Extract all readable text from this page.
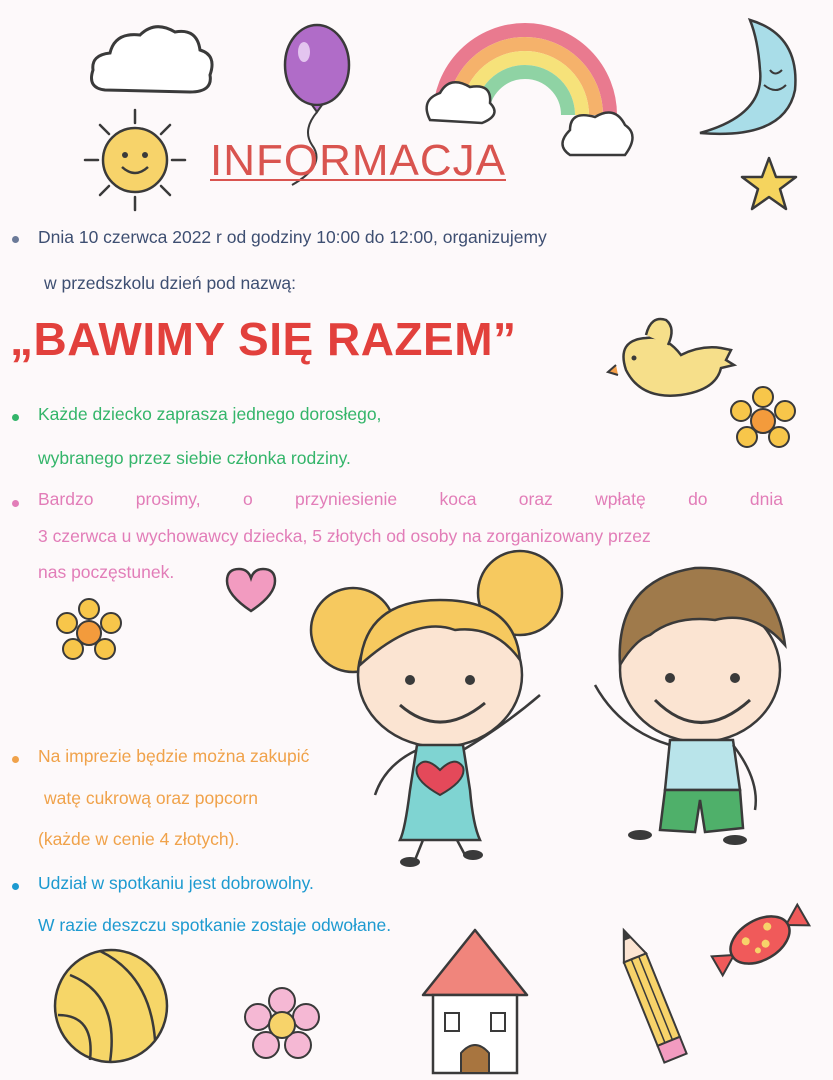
INFORMACJA
Dnia 10 czerwca 2022 r od godziny 10:00 do 12:00, organizujemy
w przedszkolu dzień pod nazwą:
„BAWIMY SIĘ RAZEM”
Każde dziecko zaprasza jednego dorosłego,
wybranego przez siebie członka rodziny.
Bardzo prosimy, o przyniesienie koca oraz wpłatę do dnia
3 czerwca u wychowawcy dziecka, 5 złotych od osoby na zorganizowany przez
nas poczęstunek.
Na imprezie będzie można zakupić
watę cukrową oraz popcorn
(każde w cenie 4 złotych).
Udział w spotkaniu jest dobrowolny.
W razie deszczu spotkanie zostaje odwołane.
